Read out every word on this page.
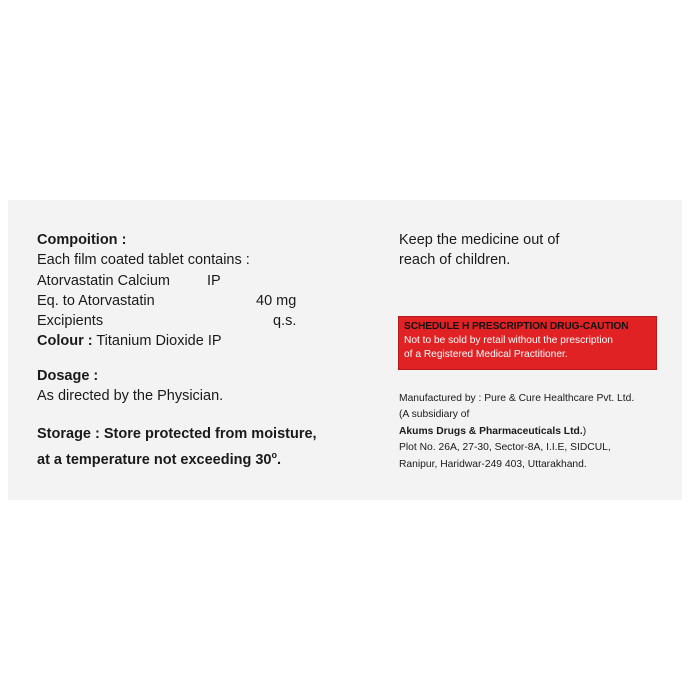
Compoition :
Each film coated tablet contains :
Atorvastatin Calcium	IP
Eq. to Atorvastatin	40 mg
Excipients	q.s.
Colour : Titanium Dioxide IP
Dosage :
As directed by the Physician.
Storage : Store protected from moisture,
at a temperature not exceeding 30$^o$.
Keep the medicine out of
reach of children.
SCHEDULE H PRESCRIPTION DRUG-CAUTION
Not to be sold by retail without the prescription
of a Registered Medical Practitioner.
Manufactured by : Pure & Cure Healthcare Pvt. Ltd.
(A subsidiary of
Akums Drugs & Pharmaceuticals Ltd.)
Plot No. 26A, 27-30, Sector-8A, I.I.E, SIDCUL,
Ranipur, Haridwar-249 403, Uttarakhand.
